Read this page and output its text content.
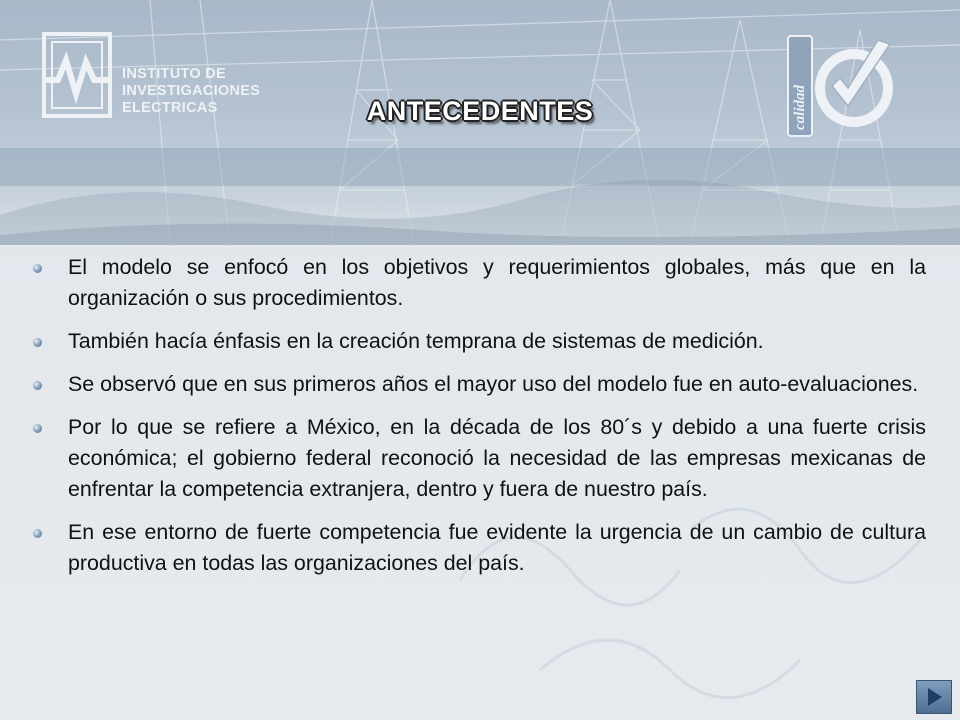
INSTITUTO DE
INVESTIGACIONES
ELECTRICAS	calidad
ANTECEDENTES
El modelo se enfocó en los objetivos y requerimientos globales, más que en la organización o sus procedimientos.
También hacía énfasis en la creación temprana de sistemas de medición.
Se observó que en sus primeros años el mayor uso del modelo fue en auto-evaluaciones.
Por lo que se refiere a México, en la década de los 80´s y debido a una fuerte crisis económica; el gobierno federal reconoció la necesidad de las empresas mexicanas de enfrentar la competencia extranjera, dentro y fuera de nuestro país.
En ese entorno de fuerte competencia fue evidente la urgencia de un cambio de cultura productiva en todas las organizaciones del país.
